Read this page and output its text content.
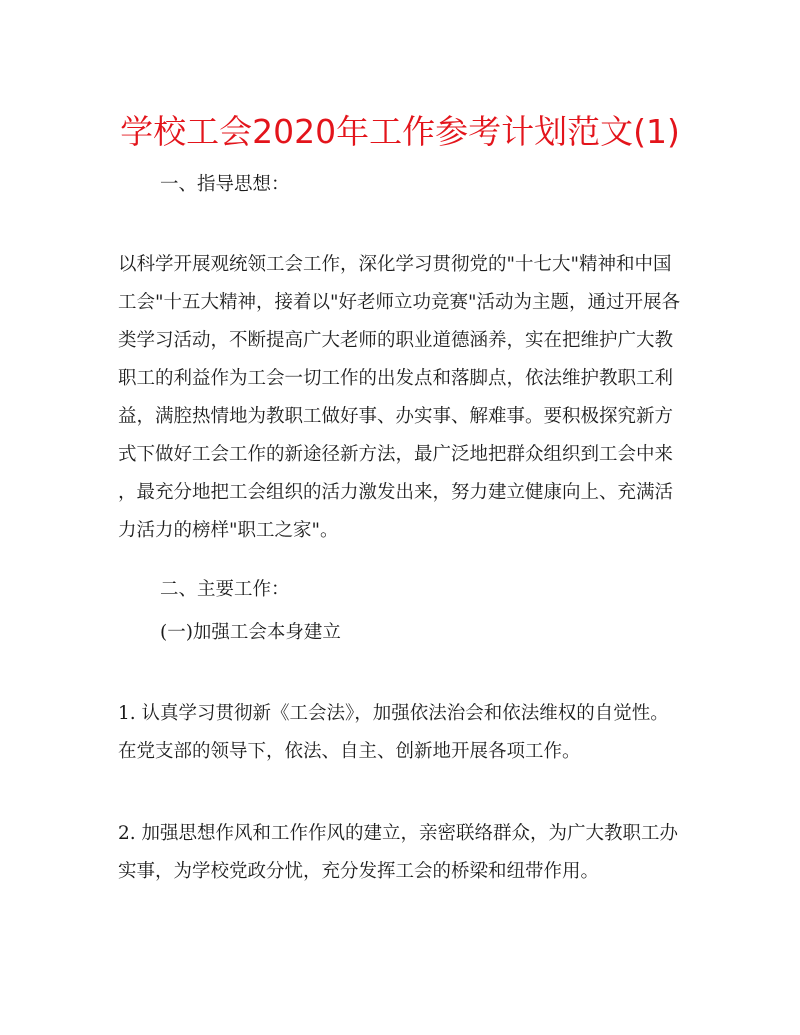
学校工会2020年工作参考计划范文(1)
一、指导思想：
以科学开展观统领工会工作，深化学习贯彻党的"十七大"精神和中国
工会"十五大精神，接着以"好老师立功竞赛"活动为主题，通过开展各
类学习活动，不断提高广大老师的职业道德涵养，实在把维护广大教
职工的利益作为工会一切工作的出发点和落脚点，依法维护教职工利
益，满腔热情地为教职工做好事、办实事、解难事。要积极探究新方
式下做好工会工作的新途径新方法，最广泛地把群众组织到工会中来
，最充分地把工会组织的活力激发出来，努力建立健康向上、充满活
力活力的榜样"职工之家"。
二、主要工作：
(一)加强工会本身建立
1. 认真学习贯彻新《工会法》，加强依法治会和依法维权的自觉性。
在党支部的领导下，依法、自主、创新地开展各项工作。
2. 加强思想作风和工作作风的建立，亲密联络群众，为广大教职工办
实事，为学校党政分忧，充分发挥工会的桥梁和纽带作用。
